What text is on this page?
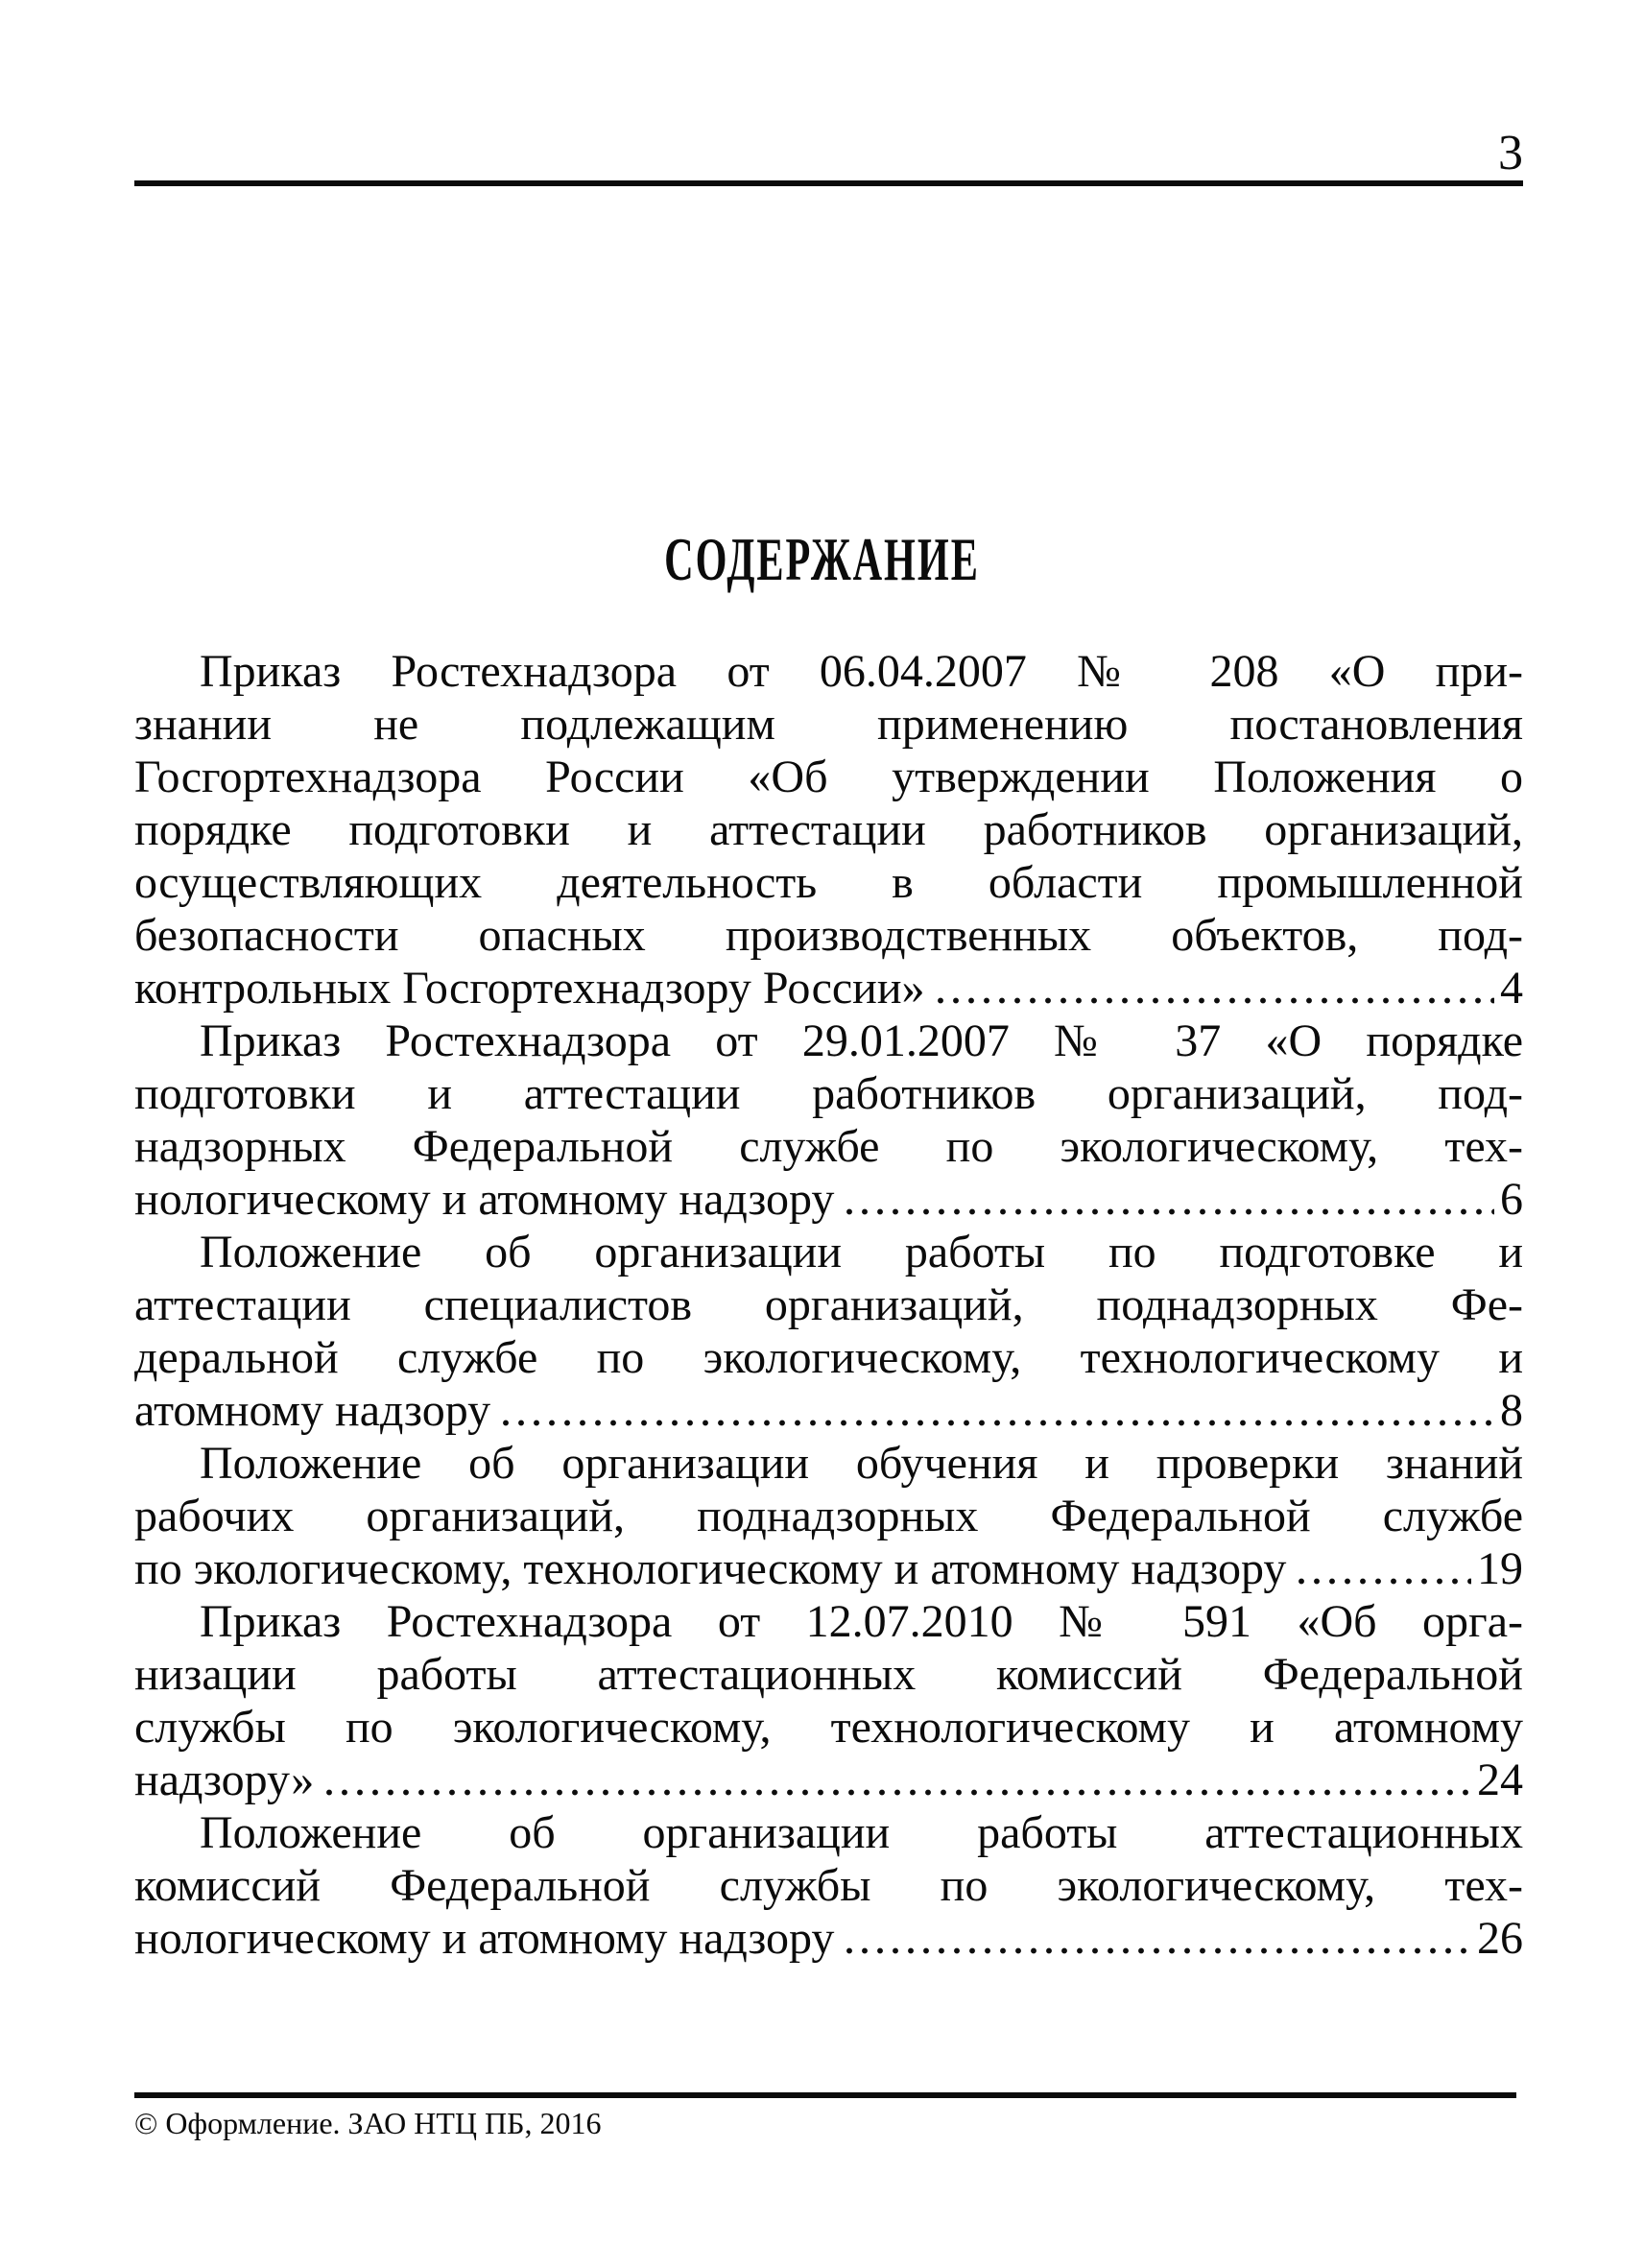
3
СОДЕРЖАНИЕ
Приказ Ростехнадзора от 06.04.2007 № 208 «О при-
знании не подлежащим применению постановления
Госгортехнадзора России «Об утверждении Положения о
порядке подготовки и аттестации работников организаций,
осуществляющих деятельность в области промышленной
безопасности опасных производственных объектов, под-
контрольных Госгортехнадзору России»	4
Приказ Ростехнадзора от 29.01.2007 № 37 «О порядке
подготовки и аттестации работников организаций, под-
надзорных Федеральной службе по экологическому, тех-
нологическому и атомному надзору	6
Положение об организации работы по подготовке и
аттестации специалистов организаций, поднадзорных Фе-
деральной службе по экологическому, технологическому и
атомному надзору	8
Положение об организации обучения и проверки знаний
рабочих организаций, поднадзорных Федеральной службе
по экологическому, технологическому и атомному надзору	19
Приказ Ростехнадзора от 12.07.2010 № 591 «Об орга-
низации работы аттестационных комиссий Федеральной
службы по экологическому, технологическому и атомному
надзору»	24
Положение об организации работы аттестационных
комиссий Федеральной службы по экологическому, тех-
нологическому и атомному надзору	26
© Оформление. ЗАО НТЦ ПБ, 2016
